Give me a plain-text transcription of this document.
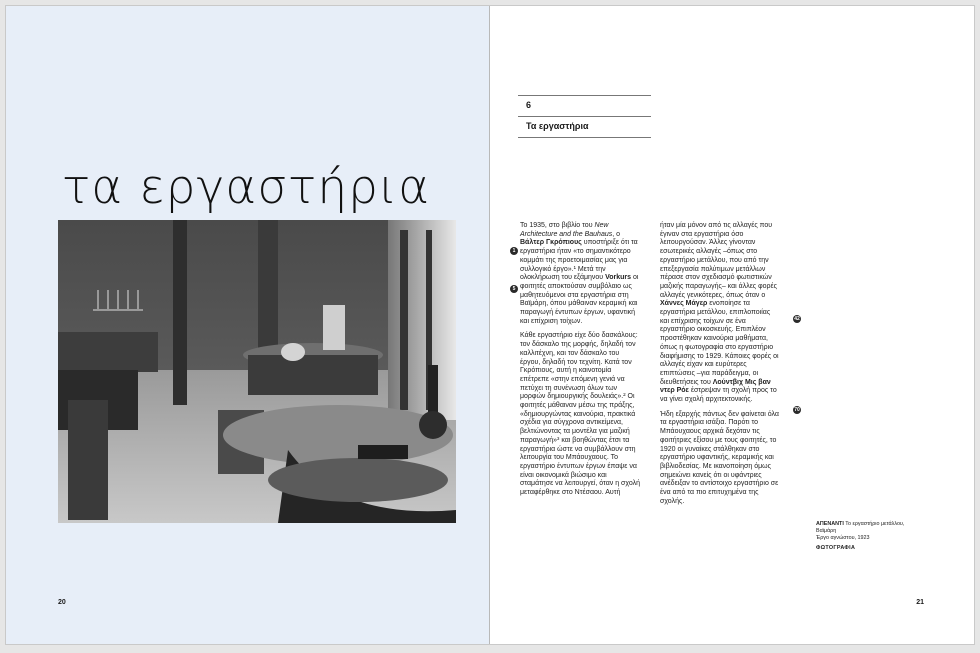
τα εργαστήρια

20

6

Τα εργαστήρια

1
5
42
70

Το 1935, στο βιβλίο του New Architecture and the Bauhaus, ο Βάλτερ Γκρόπιους υποστήριξε ότι τα εργαστήρια ήταν «το σημαντικότερο κομμάτι της προετοιμασίας μας για συλλογικό έργο».¹ Μετά την ολοκλήρωση του εξάμηνου Vorkurs οι φοιτητές αποκτούσαν συμβόλαιο ως μαθητευόμενοι στα εργαστήρια στη Βαϊμάρη, όπου μάθαιναν κεραμική και παραγωγή έντυπων έργων, υφαντική και επίχριση τοίχων.

Κάθε εργαστήριο είχε δύο δασκάλους: τον δάσκαλο της μορφής, δηλαδή τον καλλιτέχνη, και τον δάσκαλο του έργου, δηλαδή τον τεχνίτη. Κατά τον Γκρόπιους, αυτή η καινοτομία επέτρεπε «στην επόμενη γενιά να πετύχει τη συνένωση όλων των μορφών δημιουργικής δουλειάς».² Οι φοιτητές μάθαιναν μέσω της πράξης, «δημιουργώντας καινούρια, πρακτικά σχέδια για σύγχρονα αντικείμενα, βελτιώνοντας τα μοντέλα για μαζική παραγωγή»³ και βοηθώντας έτσι τα εργαστήρια ώστε να συμβάλλουν στη λειτουργία του Μπάουχαους. Το εργαστήριο έντυπων έργων έπαψε να είναι οικονομικά βιώσιμο και σταμάτησε να λειτουργεί, όταν η σχολή μεταφέρθηκε στο Ντέσαου. Αυτή

ήταν μία μόνον από τις αλλαγές που έγιναν στα εργαστήρια όσο λειτουργούσαν. Άλλες γίνονταν εσωτερικές αλλαγές –όπως στο εργαστήριο μετάλλου, που από την επεξεργασία πολύτιμων μετάλλων πέρασε στον σχεδιασμό φωτιστικών μαζικής παραγωγής– και άλλες φορές αλλαγές γενικότερες, όπως όταν ο Χάννες Μάγερ ενοποίησε τα εργαστήρια μετάλλου, επιπλοποιίας και επίχρισης τοίχων σε ένα εργαστήριο οικοσκευής. Επιπλέον προστέθηκαν καινούρια μαθήματα, όπως η φωτογραφία στο εργαστήριο διαφήμισης το 1929. Κάποιες φορές οι αλλαγές είχαν και ευρύτερες επιπτώσεις –για παράδειγμα, οι διευθετήσεις του Λούντβιχ Μις βαν ντερ Ρόε έστρεψαν τη σχολή προς το να γίνει σχολή αρχιτεκτονικής.

Ήδη εξαρχής πάντως δεν φαίνεται όλα τα εργαστήρια ισάξια. Παρότι το Μπάουχαους αρχικά δεχόταν τις φοιτήτριες εξίσου με τους φοιτητές, το 1920 οι γυναίκες στάλθηκαν στο εργαστήριο υφαντικής, κεραμικής και βιβλιοδεσίας. Με ικανοποίηση όμως σημειώνει κανείς ότι οι υφάντριες ανέδειξαν το αντίστοιχο εργαστήριο σε ένα από τα πιο επιτυχημένα της σχολής.

ΑΠΕΝΑΝΤΙ Το εργαστήριο μετάλλου, Βαϊμάρη

Έργο αγνώστου, 1923

ΦΩΤΟΓΡΑΦΙΑ

21
